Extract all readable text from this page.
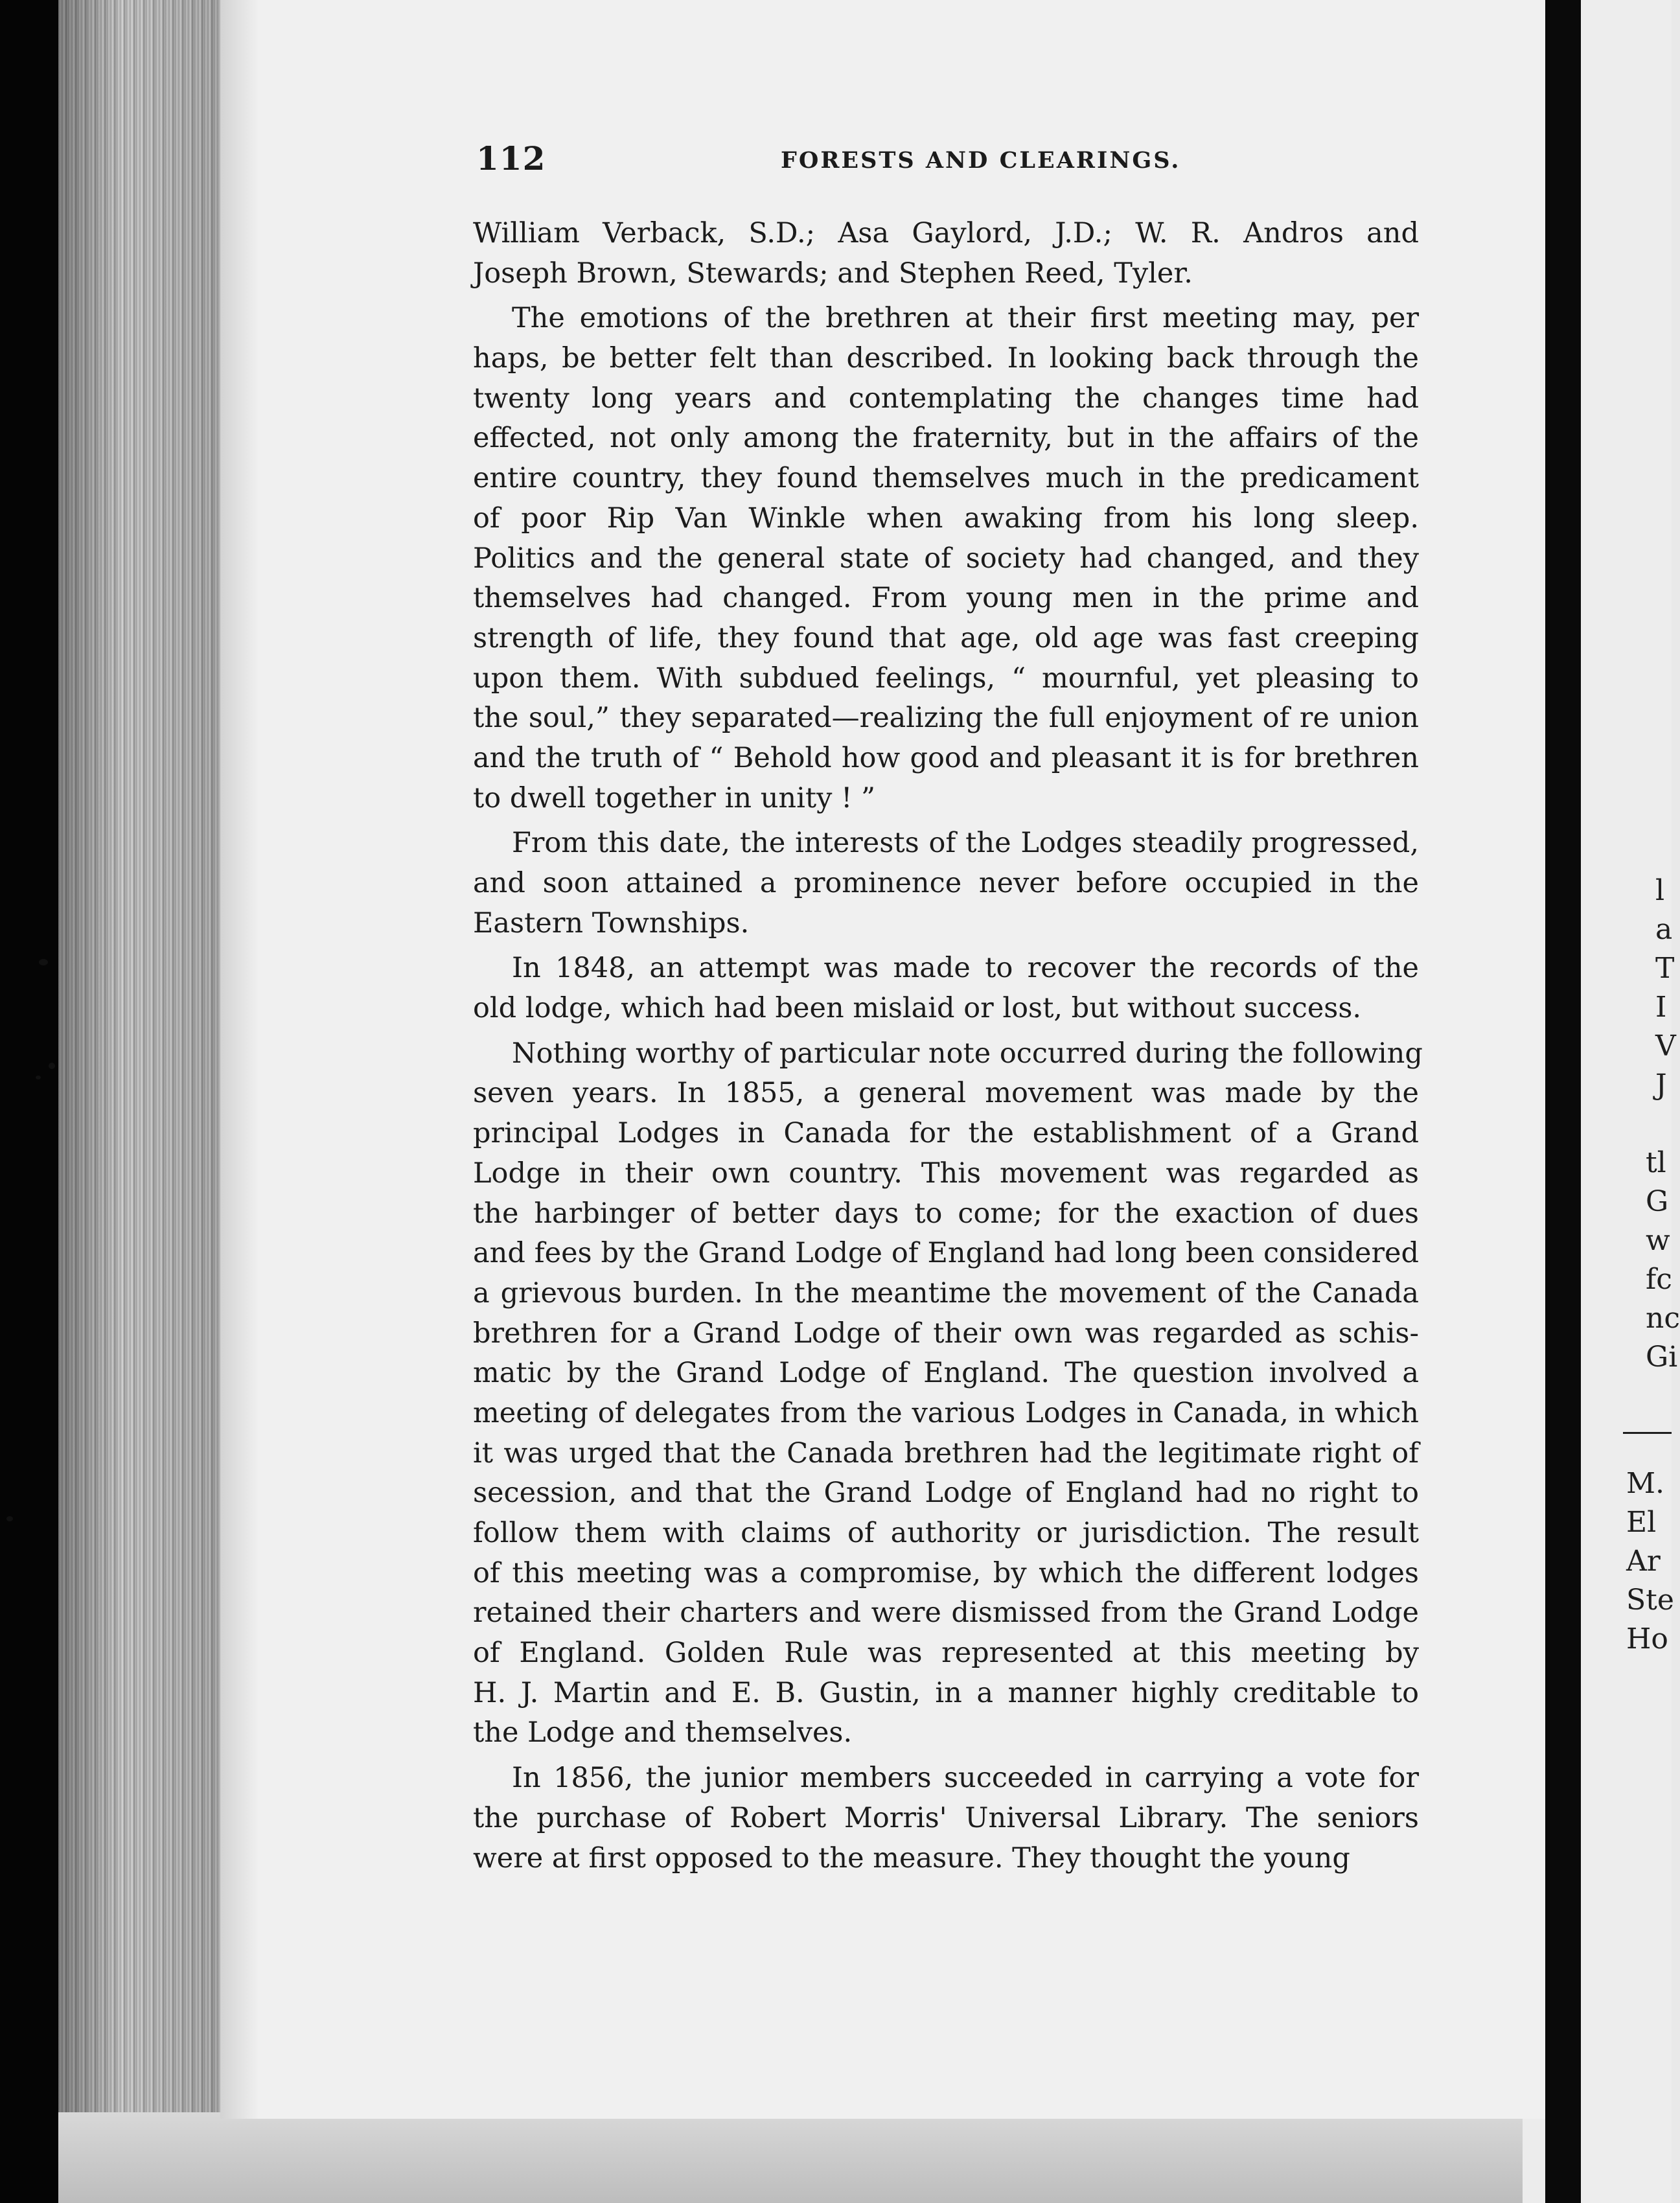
112	FORESTS AND CLEARINGS.
William Verback, S.D.; Asa Gaylord, J.D.; W. R. Andros and
Joseph Brown, Stewards; and Stephen Reed, Tyler.
The emotions of the brethren at their first meeting may, per
haps, be better felt than described. In looking back through the
twenty long years and contemplating the changes time had
effected, not only among the fraternity, but in the affairs of the
entire country, they found themselves much in the predicament
of poor Rip Van Winkle when awaking from his long sleep.
Politics and the general state of society had changed, and they
themselves had changed. From young men in the prime and
strength of life, they found that age, old age was fast creeping
upon them. With subdued feelings, “ mournful, yet pleasing to
the soul,” they separated—realizing the full enjoyment of re union
and the truth of “ Behold how good and pleasant it is for brethren
to dwell together in unity ! ”
From this date, the interests of the Lodges steadily progressed,
and soon attained a prominence never before occupied in the
Eastern Townships.
In 1848, an attempt was made to recover the records of the
old lodge, which had been mislaid or lost, but without success.
Nothing worthy of particular note occurred during the following
seven years. In 1855, a general movement was made by the
principal Lodges in Canada for the establishment of a Grand
Lodge in their own country. This movement was regarded as
the harbinger of better days to come; for the exaction of dues
and fees by the Grand Lodge of England had long been considered
a grievous burden. In the meantime the movement of the Canada
brethren for a Grand Lodge of their own was regarded as schis-
matic by the Grand Lodge of England. The question involved a
meeting of delegates from the various Lodges in Canada, in which
it was urged that the Canada brethren had the legitimate right of
secession, and that the Grand Lodge of England had no right to
follow them with claims of authority or jurisdiction. The result
of this meeting was a compromise, by which the different lodges
retained their charters and were dismissed from the Grand Lodge
of England. Golden Rule was represented at this meeting by
H. J. Martin and E. B. Gustin, in a manner highly creditable to
the Lodge and themselves.
In 1856, the junior members succeeded in carrying a vote for
the purchase of Robert Morris' Universal Library. The seniors
were at first opposed to the measure. They thought the young
l
a
T
I
V
J
tl
G
w
fc
nc
Gi
M.
El
Ar
Ste
Ho
